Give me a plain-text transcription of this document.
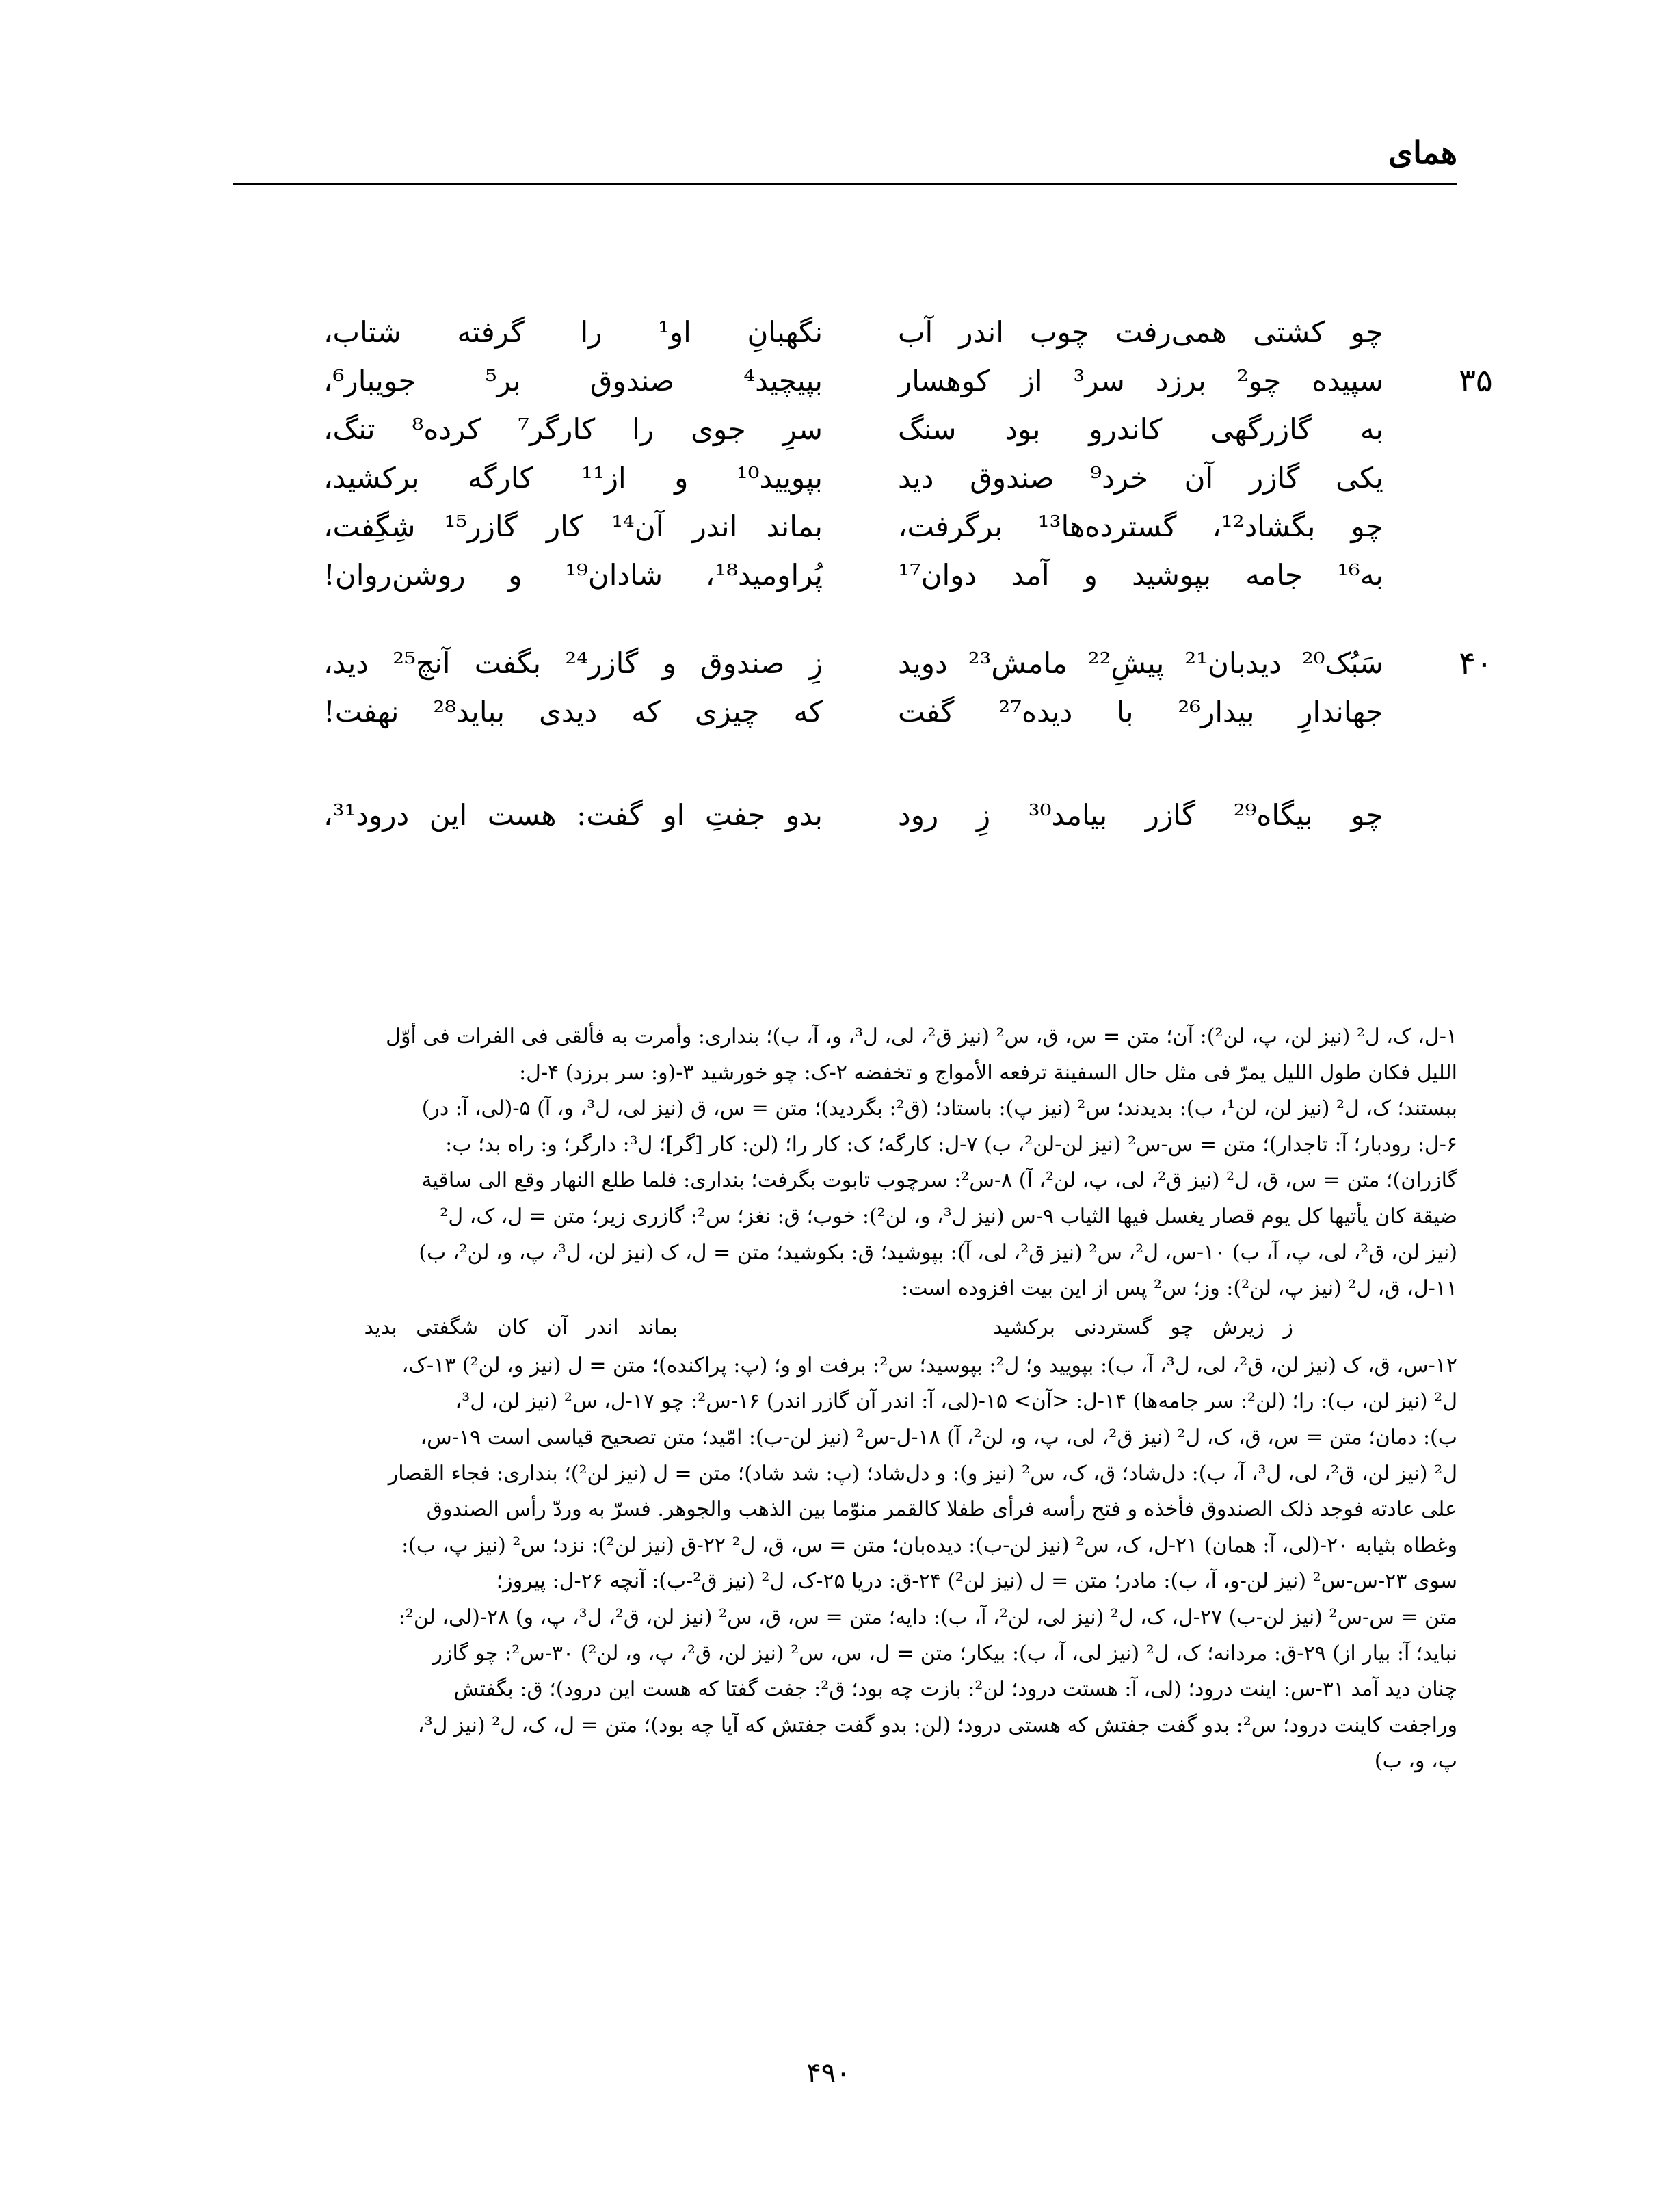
همای
چو کشتی همی‌رفت چوب اندر آب
نگهبانِ او¹ را گرفته شتاب،
۳۵
سپیده چو² برزد سر³ از کوهسار
بپیچید⁴ صندوق بر⁵ جویبار⁶،
به گازرگهی کاندرو بود سنگ
سرِ جوی را کارگر⁷ کرده⁸ تنگ،
یکی گازر آن خرد⁹ صندوق دید
بپویید¹⁰ و از¹¹ کارگه برکشید،
چو بگشاد¹²، گسترده‌ها¹³ برگرفت،
بماند اندر آن¹⁴ کار گازر¹⁵ شِگِفت،
به¹⁶ جامه بپوشید و آمد دوان¹⁷
پُراومید¹⁸، شادان¹⁹ و روشن‌روان!
۴۰
سَبُک²⁰ دیدبان²¹ پیشِ²² مامش²³ دوید
زِ صندوق و گازر²⁴ بگفت آنچ²⁵ دید،
جهاندارِ بیدار²⁶ با دیده²⁷ گفت
که چیزی که دیدی بباید²⁸ نهفت!
چو بیگاه²⁹ گازر بیامد³⁰ زِ رود
بدو جفتِ او گفت: هست این درود³¹،
۱-ل، ک، ل² (نیز لن، پ، لن²): آن؛ متن = س، ق، س² (نیز ق²، لی، ل³، و، آ، ب)؛ بنداری: وأمرت به فألقی فی الفرات فی أوّل
اللیل فکان طول اللیل یمرّ فی مثل حال السفینة ترفعه الأمواج و تخفضه ۲-ک: چو خورشید ۳-(و: سر برزد) ۴-ل:
ببستند؛ ک، ل² (نیز لن، لن¹، ب): بدیدند؛ س² (نیز پ): باستاد؛ (ق²: بگردید)؛ متن = س، ق (نیز لی، ل³، و، آ) ۵-(لی، آ: در)
۶-ل: رودبار؛ آ: تاجدار)؛ متن = س-س² (نیز لن-لن²، ب) ۷-ل: کارگه؛ ک: کار را؛ (لن: کار [گر]؛ ل³: دارگر؛ و: راه بد؛ ب:
گازران)؛ متن = س، ق، ل² (نیز ق²، لی، پ، لن²، آ) ۸-س²: سرچوب تابوت بگرفت؛ بنداری: فلما طلع النهار وقع الی ساقیة
ضیقة کان یأتیها کل یوم قصار یغسل فیها الثیاب ۹-س (نیز ل³، و، لن²): خوب؛ ق: نغز؛ س²: گازری زیر؛ متن = ل، ک، ل²
(نیز لن، ق²، لی، پ، آ، ب) ۱۰-س، ل²، س² (نیز ق²، لی، آ): بپوشید؛ ق: بکوشید؛ متن = ل، ک (نیز لن، ل³، پ، و، لن²، ب)
۱۱-ل، ق، ل² (نیز پ، لن²): وز؛ س² پس از این بیت افزوده است:
ز زیرش چو گستردنی برکشید
بماند اندر آن کان شگفتی بدید
۱۲-س، ق، ک (نیز لن، ق²، لی، ل³، آ، ب): بپویید و؛ ل²: بپوسید؛ س²: برفت او و؛ (پ: پراکنده)؛ متن = ل (نیز و، لن²) ۱۳-ک،
ل² (نیز لن، ب): را؛ (لن²: سر جامه‌ها) ۱۴-ل: <آن> ۱۵-(لی، آ: اندر آن گازر اندر) ۱۶-س²: چو ۱۷-ل، س² (نیز لن، ل³،
ب): دمان؛ متن = س، ق، ک، ل² (نیز ق²، لی، پ، و، لن²، آ) ۱۸-ل-س² (نیز لن-ب): امّید؛ متن تصحیح قیاسی است ۱۹-س،
ل² (نیز لن، ق²، لی، ل³، آ، ب): دل‌شاد؛ ق، ک، س² (نیز و): و دل‌شاد؛ (پ: شد شاد)؛ متن = ل (نیز لن²)؛ بنداری: فجاء القصار
علی عادته فوجد ذلک الصندوق فأخذه و فتح رأسه فرأی طفلا کالقمر منوّما بین الذهب والجوهر. فسرّ به وردّ رأس الصندوق
وغطاه بثیابه ۲۰-(لی، آ: همان) ۲۱-ل، ک، س² (نیز لن-ب): دیده‌بان؛ متن = س، ق، ل² ۲۲-ق (نیز لن²): نزد؛ س² (نیز پ، ب):
سوی ۲۳-س-س² (نیز لن-و، آ، ب): مادر؛ متن = ل (نیز لن²) ۲۴-ق: دریا ۲۵-ک، ل² (نیز ق²-ب): آنچه ۲۶-ل: پیروز؛
متن = س-س² (نیز لن-ب) ۲۷-ل، ک، ل² (نیز لی، لن²، آ، ب): دایه؛ متن = س، ق، س² (نیز لن، ق²، ل³، پ، و) ۲۸-(لی، لن²:
نباید؛ آ: بیار از) ۲۹-ق: مردانه؛ ک، ل² (نیز لی، آ، ب): بیکار؛ متن = ل، س، س² (نیز لن، ق²، پ، و، لن²) ۳۰-س²: چو گازر
چنان دید آمد ۳۱-س: اینت درود؛ (لی، آ: هستت درود؛ لن²: بازت چه بود؛ ق²: جفت گفتا که هست این درود)؛ ق: بگفتش
وراجفت کاینت درود؛ س²: بدو گفت جفتش که هستی درود؛ (لن: بدو گفت جفتش که آیا چه بود)؛ متن = ل، ک، ل² (نیز ل³،
پ، و، ب)
۴۹۰
